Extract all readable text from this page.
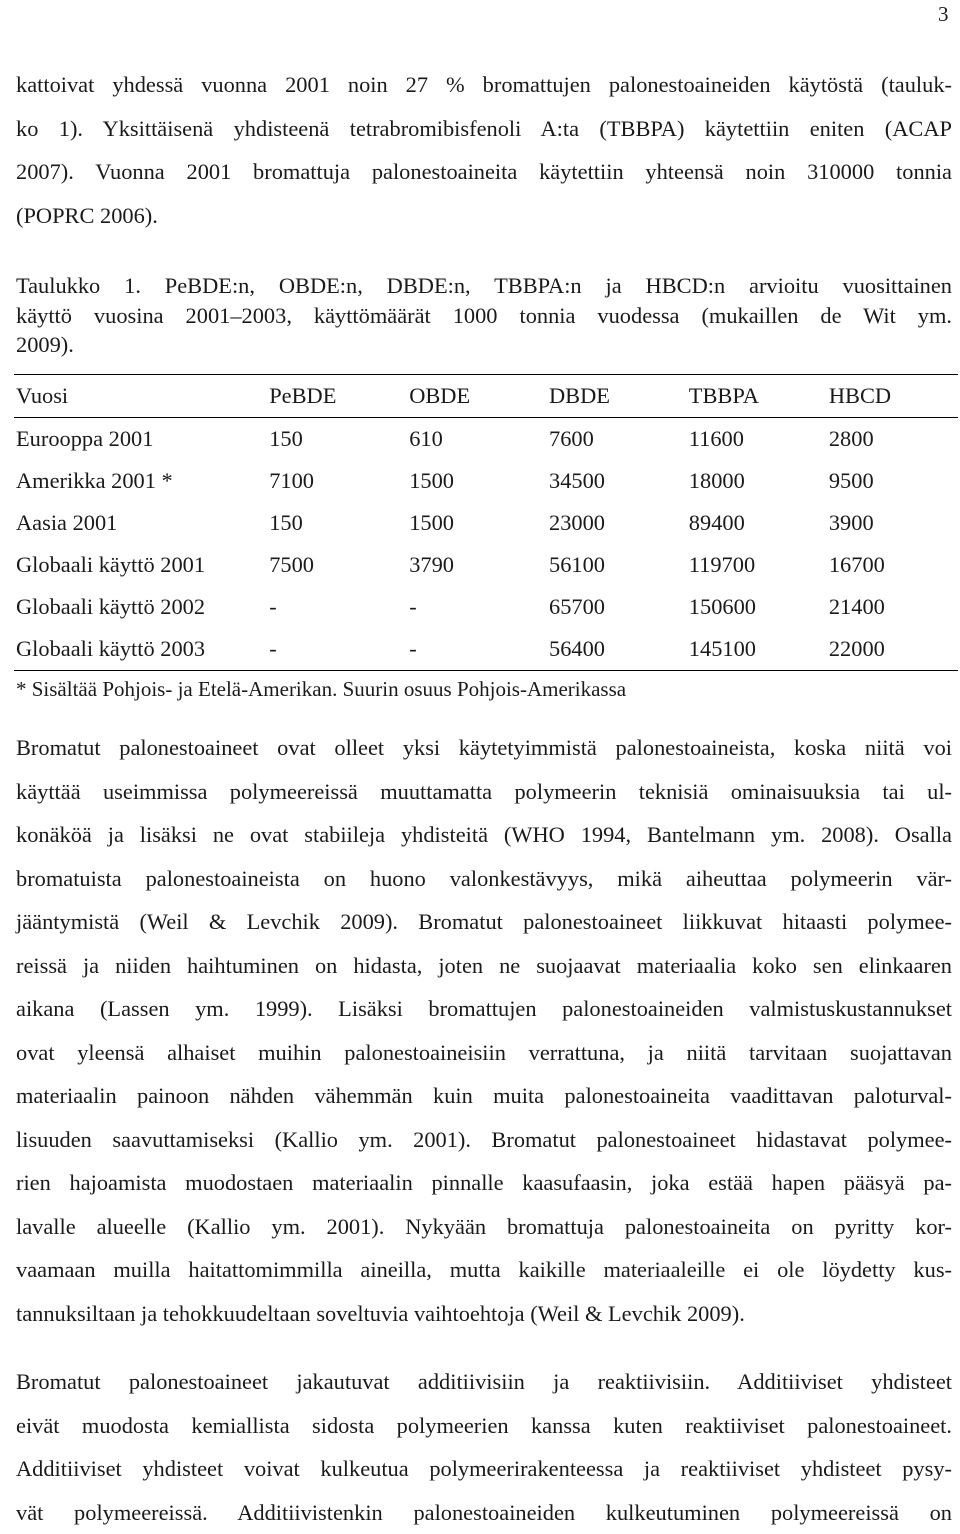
3
kattoivat yhdessä vuonna 2001 noin 27 % bromattujen palonestoaineiden käytöstä (tauluk-
ko 1). Yksittäisenä yhdisteenä tetrabromibisfenoli A:ta (TBBPA) käytettiin eniten (ACAP
2007). Vuonna 2001 bromattuja palonestoaineita käytettiin yhteensä noin 310000 tonnia
(POPRC 2006).
Taulukko 1. PeBDE:n, OBDE:n, DBDE:n, TBBPA:n ja HBCD:n arvioitu vuosittainen
käyttö vuosina 2001–2003, käyttömäärät 1000 tonnia vuodessa (mukaillen de Wit ym.
2009).
Vuosi	PeBDE	OBDE	DBDE	TBBPA	HBCD
Eurooppa 2001	150	610	7600	11600	2800
Amerikka 2001 *	7100	1500	34500	18000	9500
Aasia 2001	150	1500	23000	89400	3900
Globaali käyttö 2001	7500	3790	56100	119700	16700
Globaali käyttö 2002	-	-	65700	150600	21400
Globaali käyttö 2003	-	-	56400	145100	22000
* Sisältää Pohjois- ja Etelä-Amerikan. Suurin osuus Pohjois-Amerikassa
Bromatut palonestoaineet ovat olleet yksi käytetyimmistä palonestoaineista, koska niitä voi
käyttää useimmissa polymeereissä muuttamatta polymeerin teknisiä ominaisuuksia tai ul-
konäköä ja lisäksi ne ovat stabiileja yhdisteitä (WHO 1994, Bantelmann ym. 2008). Osalla
bromatuista palonestoaineista on huono valonkestävyys, mikä aiheuttaa polymeerin vär-
jääntymistä (Weil & Levchik 2009). Bromatut palonestoaineet liikkuvat hitaasti polymee-
reissä ja niiden haihtuminen on hidasta, joten ne suojaavat materiaalia koko sen elinkaaren
aikana (Lassen ym. 1999). Lisäksi bromattujen palonestoaineiden valmistuskustannukset
ovat yleensä alhaiset muihin palonestoaineisiin verrattuna, ja niitä tarvitaan suojattavan
materiaalin painoon nähden vähemmän kuin muita palonestoaineita vaadittavan paloturval-
lisuuden saavuttamiseksi (Kallio ym. 2001). Bromatut palonestoaineet hidastavat polymee-
rien hajoamista muodostaen materiaalin pinnalle kaasufaasin, joka estää hapen pääsyä pa-
lavalle alueelle (Kallio ym. 2001). Nykyään bromattuja palonestoaineita on pyritty kor-
vaamaan muilla haitattomimmilla aineilla, mutta kaikille materiaaleille ei ole löydetty kus-
tannuksiltaan ja tehokkuudeltaan soveltuvia vaihtoehtoja (Weil & Levchik 2009).
Bromatut palonestoaineet jakautuvat additiivisiin ja reaktiivisiin. Additiiviset yhdisteet
eivät muodosta kemiallista sidosta polymeerien kanssa kuten reaktiiviset palonestoaineet.
Additiiviset yhdisteet voivat kulkeutua polymeerirakenteessa ja reaktiiviset yhdisteet pysy-
vät polymeereissä. Additiivistenkin palonestoaineiden kulkeutuminen polymeereissä on
